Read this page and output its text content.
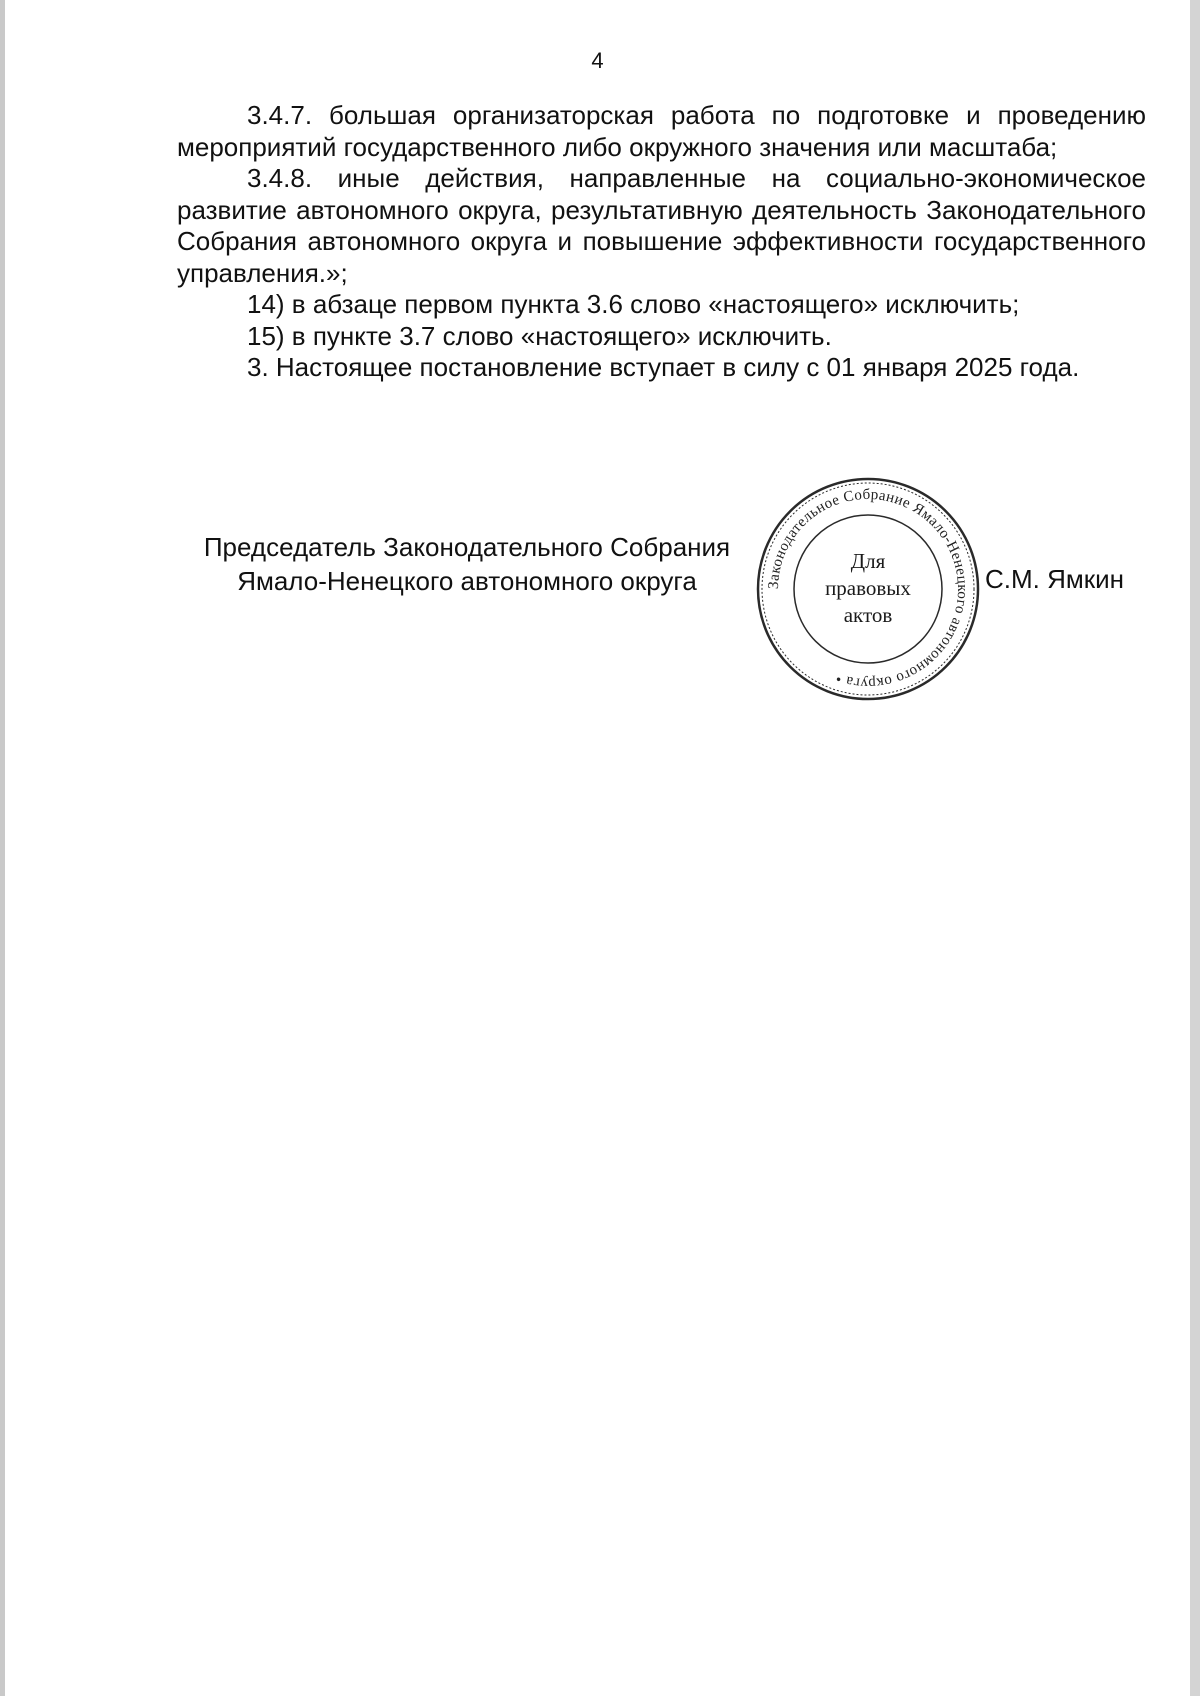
4

3.4.7. большая организаторская работа по подготовке и проведению мероприятий государственного либо окружного значения или масштаба;

3.4.8. иные действия, направленные на социально-экономическое развитие автономного округа, результативную деятельность Законодательного Собрания автономного округа и повышение эффективности государственного управления.»;

14) в абзаце первом пункта 3.6 слово «настоящего» исключить;

15) в пункте 3.7 слово «настоящего» исключить.

3. Настоящее постановление вступает в силу с 01 января 2025 года.

Председатель Законодательного Собрания
Ямало-Ненецкого автономного округа	С.М. Ямкин
Законодательное Собрание Ямало-Ненецкого автономного округа •
Для
правовых
актов
